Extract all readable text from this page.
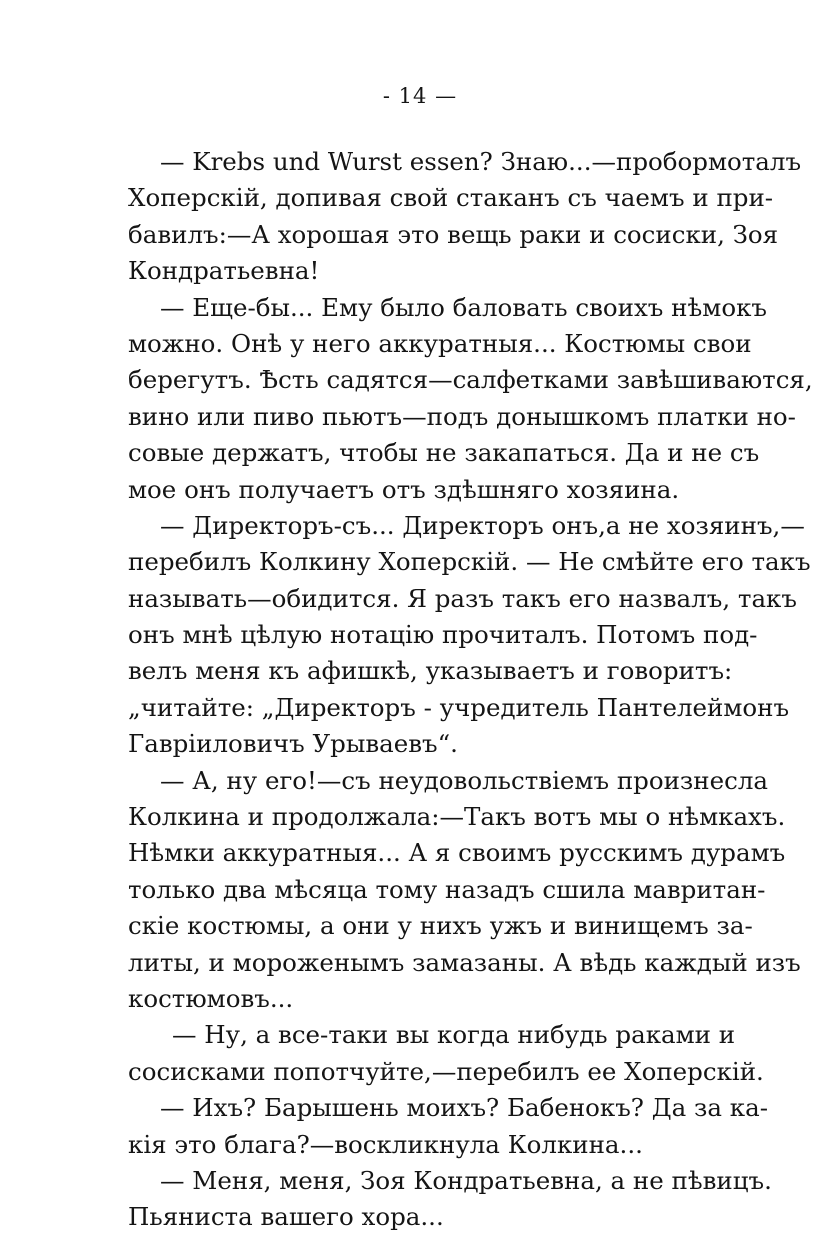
- 14 —
— Krebs und Wurst essen? Знаю...—пробормоталъ
Хоперскій, допивая свой стаканъ съ чаемъ и при-
бавилъ:—А хорошая это вещь раки и сосиски, Зоя
Кондратьевна!
— Еще-бы... Ему было баловать своихъ нѣмокъ
можно. Онѣ у него аккуратныя... Костюмы свои
берегутъ. Ѣсть садятся—салфетками завѣшиваются,
вино или пиво пьютъ—подъ донышкомъ платки но-
совые держатъ, чтобы не закапаться. Да и не съ
мое онъ получаетъ отъ здѣшняго хозяина.
— Директоръ-съ... Директоръ онъ,а не хозяинъ,—
перебилъ Колкину Хоперскій. — Не смѣйте его такъ
называть—обидится. Я разъ такъ его назвалъ, такъ
онъ мнѣ цѣлую нотацію прочиталъ. Потомъ под-
велъ меня къ афишкѣ, указываетъ и говоритъ:
„читайте: „Директоръ - учредитель Пантелеймонъ
Гавріиловичъ Урываевъ“.
— А, ну его!—съ неудовольствіемъ произнесла
Колкина и продолжала:—Такъ вотъ мы о нѣмкахъ.
Нѣмки аккуратныя... А я своимъ русскимъ дурамъ
только два мѣсяца тому назадъ сшила мавритан-
скіе костюмы, а они у нихъ ужъ и винищемъ за-
литы, и мороженымъ замазаны. А вѣдь каждый изъ
костюмовъ...
— Ну, а все-таки вы когда нибудь раками и
сосисками попотчуйте,—перебилъ ее Хоперскій.
— Ихъ? Барышень моихъ? Бабенокъ? Да за ка-
кія это блага?—воскликнула Колкина...
— Меня, меня, Зоя Кондратьевна, а не пѣвицъ.
Пьяниста вашего хора...
